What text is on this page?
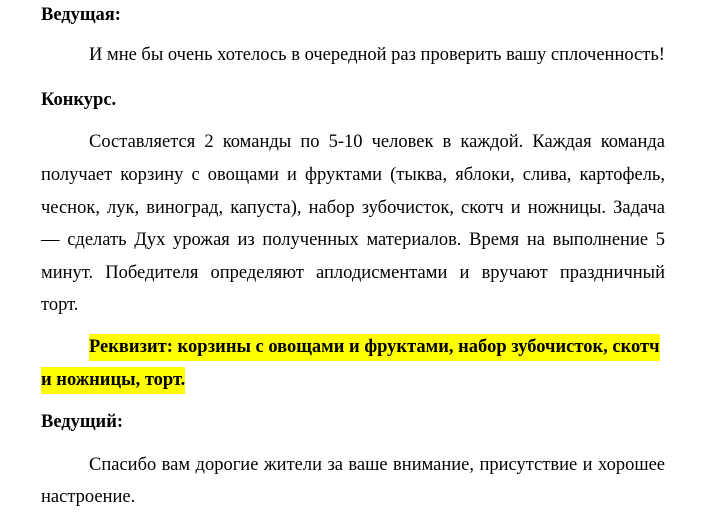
Ведущая:
И мне бы очень хотелось в очередной раз проверить вашу сплоченность!
Конкурс.
Составляется 2 команды по 5-10 человек в каждой. Каждая команда
получает корзину с овощами и фруктами (тыква, яблоки, слива, картофель,
чеснок, лук, виноград, капуста), набор зубочисток, скотч и ножницы. Задача
— сделать Дух урожая из полученных материалов. Время на выполнение 5
минут. Победителя определяют аплодисментами и вручают праздничный
торт.
Реквизит: корзины с овощами и фруктами, набор зубочисток, скотч
и ножницы, торт.
Ведущий:
Спасибо вам дорогие жители за ваше внимание, присутствие и хорошее
настроение.
